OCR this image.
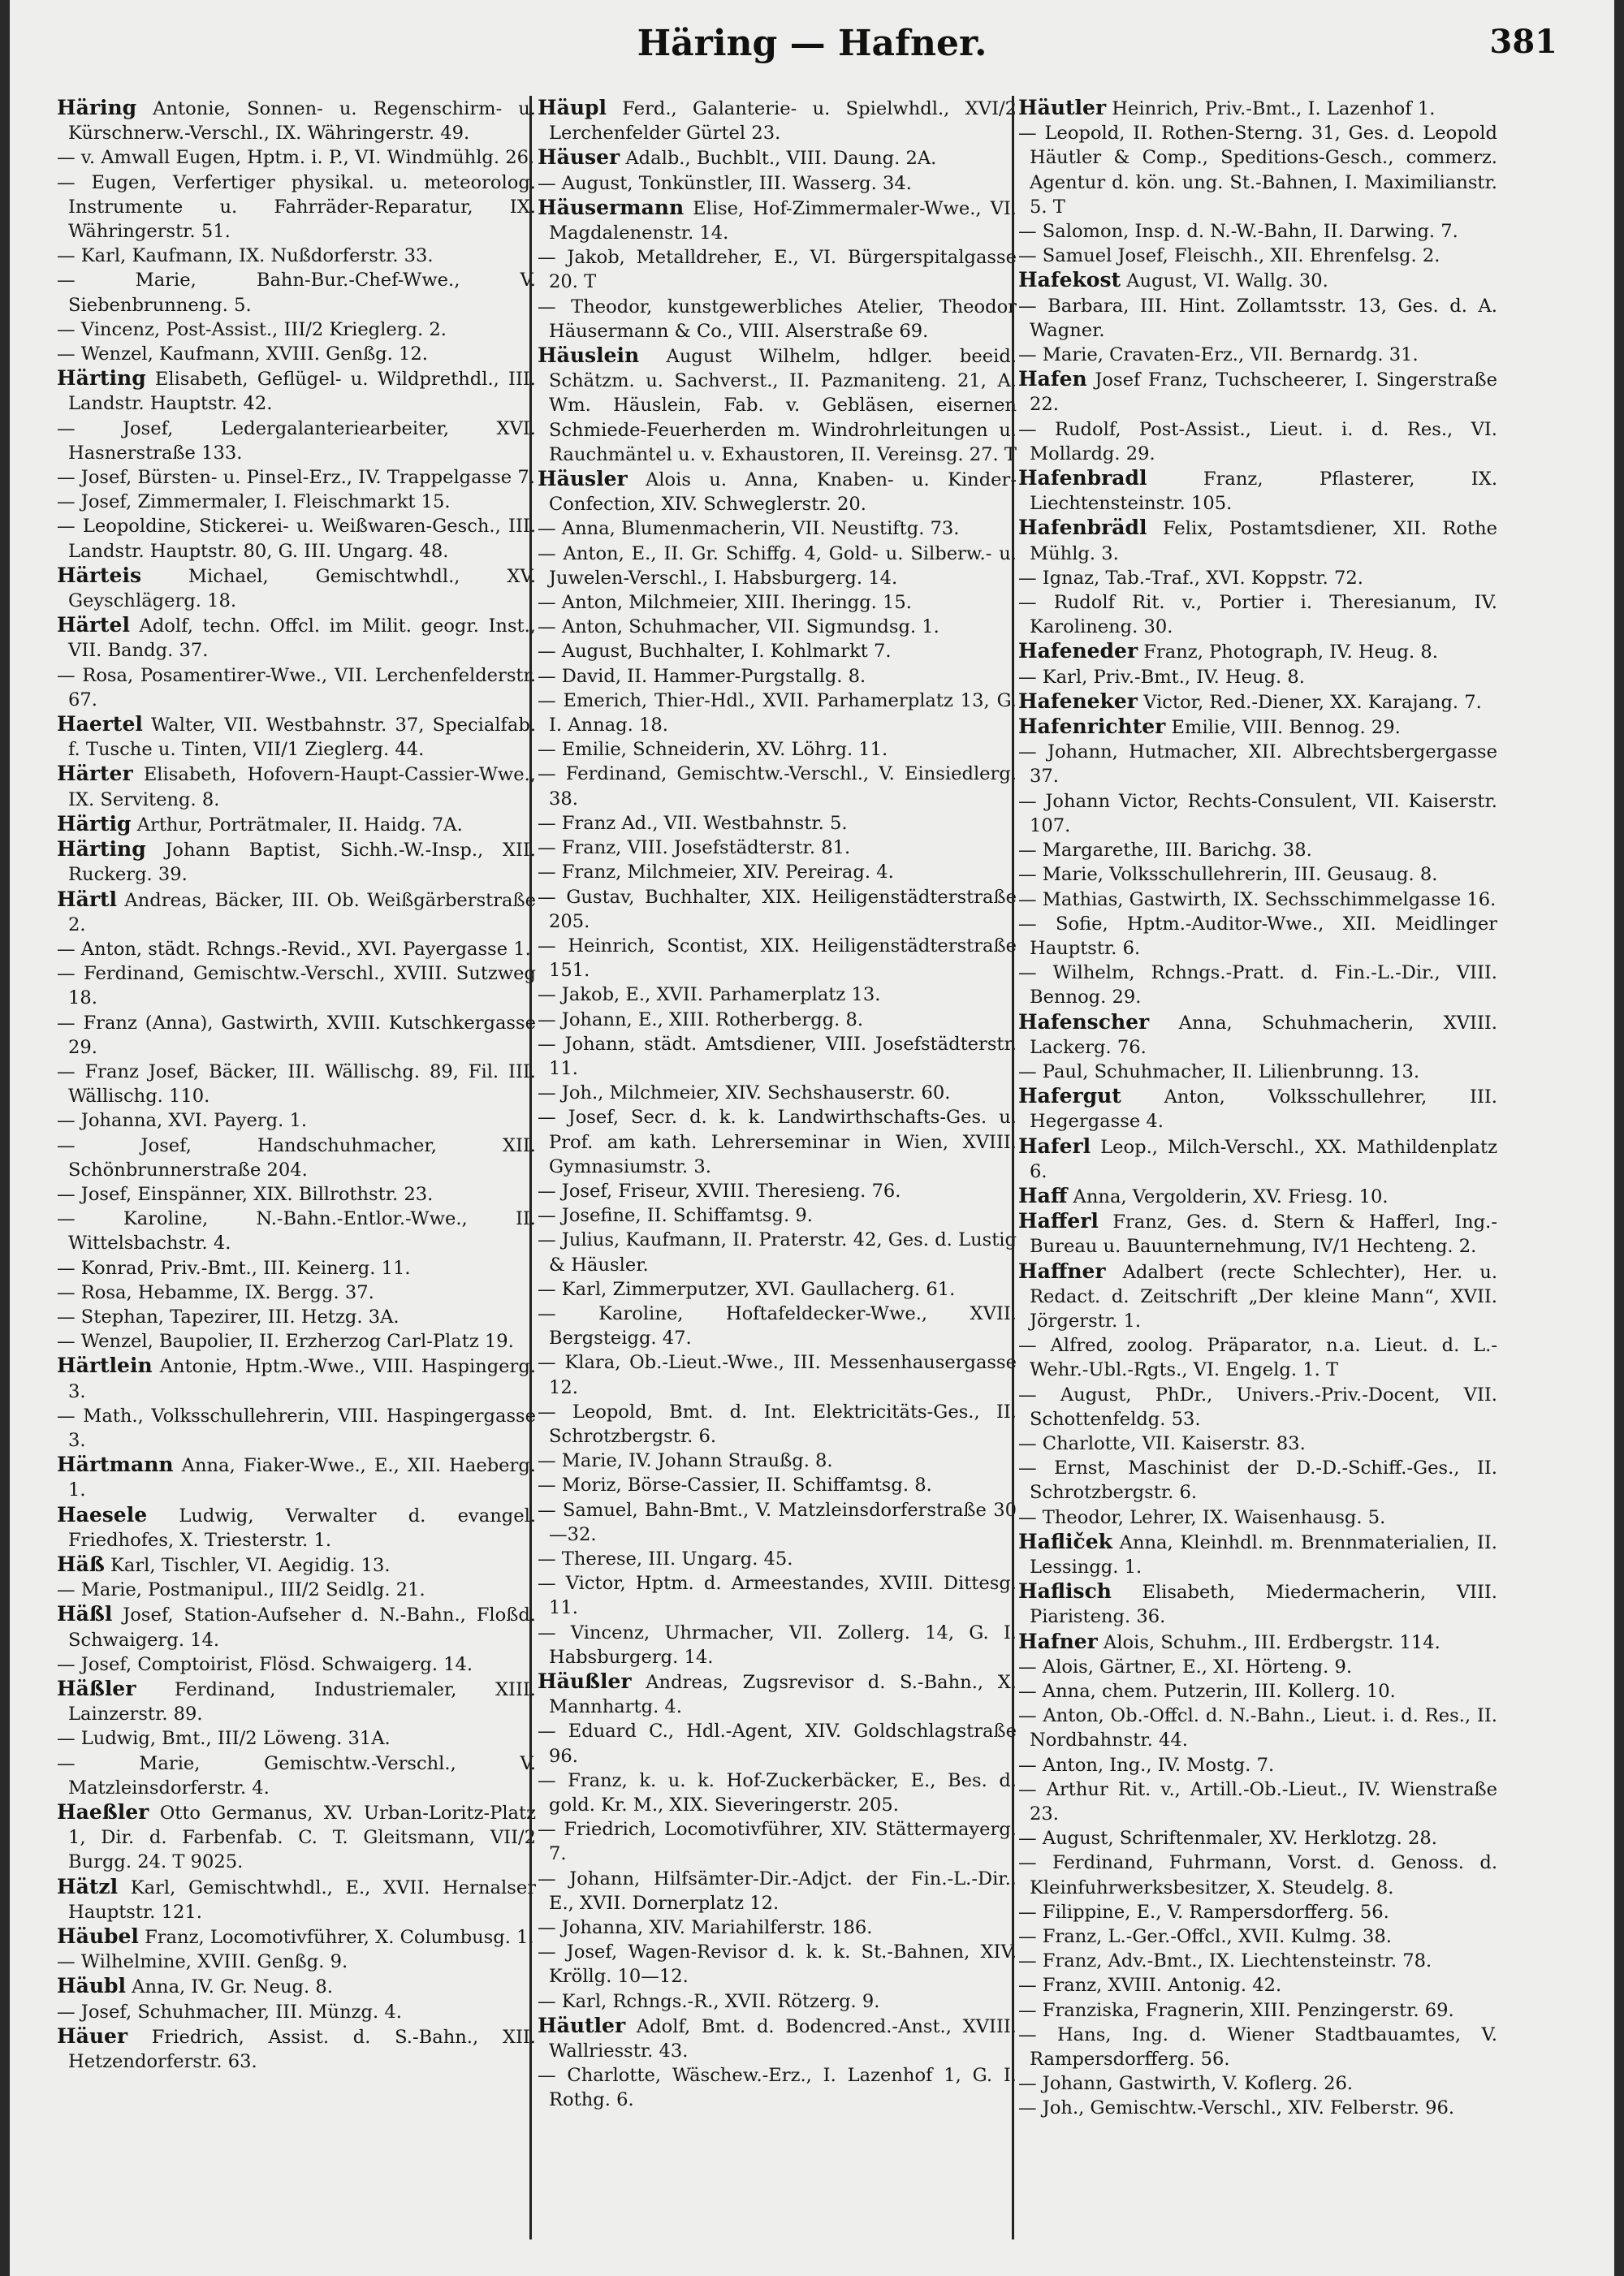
Häring — Hafner.	381

Häring Antonie, Sonnen- u. Regenschirm- u. Kürschnerw.-Verschl., IX. Währingerstr. 49.

— v. Amwall Eugen, Hptm. i. P., VI. Windmühlg. 26.

— Eugen, Verfertiger physikal. u. meteorolog. Instrumente u. Fahrräder-Reparatur, IX. Währingerstr. 51.

— Karl, Kaufmann, IX. Nußdorferstr. 33.

— Marie, Bahn-Bur.-Chef-Wwe., V. Siebenbrunneng. 5.

— Vincenz, Post-Assist., III/2 Krieglerg. 2.

— Wenzel, Kaufmann, XVIII. Genßg. 12.

Härting Elisabeth, Geflügel- u. Wildprethdl., III. Landstr. Hauptstr. 42.

— Josef, Ledergalanteriearbeiter, XVI. Hasnerstraße 133.

— Josef, Bürsten- u. Pinsel-Erz., IV. Trappelgasse 7.

— Josef, Zimmermaler, I. Fleischmarkt 15.

— Leopoldine, Stickerei- u. Weißwaren-Gesch., III. Landstr. Hauptstr. 80, G. III. Ungarg. 48.

Härteis Michael, Gemischtwhdl., XV. Geyschlägerg. 18.

Härtel Adolf, techn. Offcl. im Milit. geogr. Inst., VII. Bandg. 37.

— Rosa, Posamentirer-Wwe., VII. Lerchenfelderstr. 67.

Haertel Walter, VII. Westbahnstr. 37, Specialfab. f. Tusche u. Tinten, VII/1 Zieglerg. 44.

Härter Elisabeth, Hofovern-Haupt-Cassier-Wwe., IX. Serviteng. 8.

Härtig Arthur, Porträtmaler, II. Haidg. 7A.

Härting Johann Baptist, Sichh.-W.-Insp., XII. Ruckerg. 39.

Härtl Andreas, Bäcker, III. Ob. Weißgärberstraße 2.

— Anton, städt. Rchngs.-Revid., XVI. Payergasse 1.

— Ferdinand, Gemischtw.-Verschl., XVIII. Sutzweg 18.

— Franz (Anna), Gastwirth, XVIII. Kutschkergasse 29.

— Franz Josef, Bäcker, III. Wällischg. 89, Fil. III. Wällischg. 110.

— Johanna, XVI. Payerg. 1.

— Josef, Handschuhmacher, XII. Schönbrunnerstraße 204.

— Josef, Einspänner, XIX. Billrothstr. 23.

— Karoline, N.-Bahn.-Entlor.-Wwe., II. Wittelsbachstr. 4.

— Konrad, Priv.-Bmt., III. Keinerg. 11.

— Rosa, Hebamme, IX. Bergg. 37.

— Stephan, Tapezirer, III. Hetzg. 3A.

— Wenzel, Baupolier, II. Erzherzog Carl-Platz 19.

Härtlein Antonie, Hptm.-Wwe., VIII. Haspingerg. 3.

— Math., Volksschullehrerin, VIII. Haspingergasse 3.

Härtmann Anna, Fiaker-Wwe., E., XII. Haeberg. 1.

Haesele Ludwig, Verwalter d. evangel. Friedhofes, X. Triesterstr. 1.

Häß Karl, Tischler, VI. Aegidig. 13.

— Marie, Postmanipul., III/2 Seidlg. 21.

Häßl Josef, Station-Aufseher d. N.-Bahn., Floßd. Schwaigerg. 14.

— Josef, Comptoirist, Flösd. Schwaigerg. 14.

Häßler Ferdinand, Industriemaler, XIII. Lainzerstr. 89.

— Ludwig, Bmt., III/2 Löweng. 31A.

— Marie, Gemischtw.-Verschl., V. Matzleinsdorferstr. 4.

Haeßler Otto Germanus, XV. Urban-Loritz-Platz 1, Dir. d. Farbenfab. C. T. Gleitsmann, VII/2 Burgg. 24. T 9025.

Hätzl Karl, Gemischtwhdl., E., XVII. Hernalser Hauptstr. 121.

Häubel Franz, Locomotivführer, X. Columbusg. 1.

— Wilhelmine, XVIII. Genßg. 9.

Häubl Anna, IV. Gr. Neug. 8.

— Josef, Schuhmacher, III. Münzg. 4.

Häuer Friedrich, Assist. d. S.-Bahn., XII. Hetzendorferstr. 63.

Häupl Ferd., Galanterie- u. Spielwhdl., XVI/2 Lerchenfelder Gürtel 23.

Häuser Adalb., Buchblt., VIII. Daung. 2A.

— August, Tonkünstler, III. Wasserg. 34.

Häusermann Elise, Hof-Zimmermaler-Wwe., VI. Magdalenenstr. 14.

— Jakob, Metalldreher, E., VI. Bürgerspitalgasse 20. T

— Theodor, kunstgewerbliches Atelier, Theodor Häusermann & Co., VIII. Alserstraße 69.

Häuslein August Wilhelm, hdlger. beeid. Schätzm. u. Sachverst., II. Pazmaniteng. 21, A. Wm. Häuslein, Fab. v. Gebläsen, eisernen Schmiede-Feuerherden m. Windrohrleitungen u. Rauchmäntel u. v. Exhaustoren, II. Vereinsg. 27. T

Häusler Alois u. Anna, Knaben- u. Kinder-Confection, XIV. Schweglerstr. 20.

— Anna, Blumenmacherin, VII. Neustiftg. 73.

— Anton, E., II. Gr. Schiffg. 4, Gold- u. Silberw.- u. Juwelen-Verschl., I. Habsburgerg. 14.

— Anton, Milchmeier, XIII. Iheringg. 15.

— Anton, Schuhmacher, VII. Sigmundsg. 1.

— August, Buchhalter, I. Kohlmarkt 7.

— David, II. Hammer-Purgstallg. 8.

— Emerich, Thier-Hdl., XVII. Parhamerplatz 13, G. I. Annag. 18.

— Emilie, Schneiderin, XV. Löhrg. 11.

— Ferdinand, Gemischtw.-Verschl., V. Einsiedlerg. 38.

— Franz Ad., VII. Westbahnstr. 5.

— Franz, VIII. Josefstädterstr. 81.

— Franz, Milchmeier, XIV. Pereirag. 4.

— Gustav, Buchhalter, XIX. Heiligenstädterstraße 205.

— Heinrich, Scontist, XIX. Heiligenstädterstraße 151.

— Jakob, E., XVII. Parhamerplatz 13.

— Johann, E., XIII. Rotherbergg. 8.

— Johann, städt. Amtsdiener, VIII. Josefstädterstr. 11.

— Joh., Milchmeier, XIV. Sechshauserstr. 60.

— Josef, Secr. d. k. k. Landwirthschafts-Ges. u. Prof. am kath. Lehrerseminar in Wien, XVIII. Gymnasiumstr. 3.

— Josef, Friseur, XVIII. Theresieng. 76.

— Josefine, II. Schiffamtsg. 9.

— Julius, Kaufmann, II. Praterstr. 42, Ges. d. Lustig & Häusler.

— Karl, Zimmerputzer, XVI. Gaullacherg. 61.

— Karoline, Hoftafeldecker-Wwe., XVII. Bergsteigg. 47.

— Klara, Ob.-Lieut.-Wwe., III. Messenhausergasse 12.

— Leopold, Bmt. d. Int. Elektricitäts-Ges., II. Schrotzbergstr. 6.

— Marie, IV. Johann Straußg. 8.

— Moriz, Börse-Cassier, II. Schiffamtsg. 8.

— Samuel, Bahn-Bmt., V. Matzleinsdorferstraße 30—32.

— Therese, III. Ungarg. 45.

— Victor, Hptm. d. Armeestandes, XVIII. Dittesg. 11.

— Vincenz, Uhrmacher, VII. Zollerg. 14, G. I. Habsburgerg. 14.

Häußler Andreas, Zugsrevisor d. S.-Bahn., X. Mannhartg. 4.

— Eduard C., Hdl.-Agent, XIV. Goldschlagstraße 96.

— Franz, k. u. k. Hof-Zuckerbäcker, E., Bes. d. gold. Kr. M., XIX. Sieveringerstr. 205.

— Friedrich, Locomotivführer, XIV. Stättermayerg. 7.

— Johann, Hilfsämter-Dir.-Adjct. der Fin.-L.-Dir., E., XVII. Dornerplatz 12.

— Johanna, XIV. Mariahilferstr. 186.

— Josef, Wagen-Revisor d. k. k. St.-Bahnen, XIV. Kröllg. 10—12.

— Karl, Rchngs.-R., XVII. Rötzerg. 9.

Häutler Adolf, Bmt. d. Bodencred.-Anst., XVIII. Wallriesstr. 43.

— Charlotte, Wäschew.-Erz., I. Lazenhof 1, G. I. Rothg. 6.

Häutler Heinrich, Priv.-Bmt., I. Lazenhof 1.

— Leopold, II. Rothen-Sterng. 31, Ges. d. Leopold Häutler & Comp., Speditions-Gesch., commerz. Agentur d. kön. ung. St.-Bahnen, I. Maximilianstr. 5. T

— Salomon, Insp. d. N.-W.-Bahn, II. Darwing. 7.

— Samuel Josef, Fleischh., XII. Ehrenfelsg. 2.

Hafekost August, VI. Wallg. 30.

— Barbara, III. Hint. Zollamtsstr. 13, Ges. d. A. Wagner.

— Marie, Cravaten-Erz., VII. Bernardg. 31.

Hafen Josef Franz, Tuchscheerer, I. Singerstraße 22.

— Rudolf, Post-Assist., Lieut. i. d. Res., VI. Mollardg. 29.

Hafenbradl Franz, Pflasterer, IX. Liechtensteinstr. 105.

Hafenbrädl Felix, Postamtsdiener, XII. Rothe Mühlg. 3.

— Ignaz, Tab.-Traf., XVI. Koppstr. 72.

— Rudolf Rit. v., Portier i. Theresianum, IV. Karolineng. 30.

Hafeneder Franz, Photograph, IV. Heug. 8.

— Karl, Priv.-Bmt., IV. Heug. 8.

Hafeneker Victor, Red.-Diener, XX. Karajang. 7.

Hafenrichter Emilie, VIII. Bennog. 29.

— Johann, Hutmacher, XII. Albrechtsbergergasse 37.

— Johann Victor, Rechts-Consulent, VII. Kaiserstr. 107.

— Margarethe, III. Barichg. 38.

— Marie, Volksschullehrerin, III. Geusaug. 8.

— Mathias, Gastwirth, IX. Sechsschimmelgasse 16.

— Sofie, Hptm.-Auditor-Wwe., XII. Meidlinger Hauptstr. 6.

— Wilhelm, Rchngs.-Pratt. d. Fin.-L.-Dir., VIII. Bennog. 29.

Hafenscher Anna, Schuhmacherin, XVIII. Lackerg. 76.

— Paul, Schuhmacher, II. Lilienbrunng. 13.

Hafergut Anton, Volksschullehrer, III. Hegergasse 4.

Haferl Leop., Milch-Verschl., XX. Mathildenplatz 6.

Haff Anna, Vergolderin, XV. Friesg. 10.

Hafferl Franz, Ges. d. Stern & Hafferl, Ing.-Bureau u. Bauunternehmung, IV/1 Hechteng. 2.

Haffner Adalbert (recte Schlechter), Her. u. Redact. d. Zeitschrift „Der kleine Mann“, XVII. Jörgerstr. 1.

— Alfred, zoolog. Präparator, n.a. Lieut. d. L.-Wehr.-Ubl.-Rgts., VI. Engelg. 1. T

— August, PhDr., Univers.-Priv.-Docent, VII. Schottenfeldg. 53.

— Charlotte, VII. Kaiserstr. 83.

— Ernst, Maschinist der D.-D.-Schiff.-Ges., II. Schrotzbergstr. 6.

— Theodor, Lehrer, IX. Waisenhausg. 5.

Hafliček Anna, Kleinhdl. m. Brennmaterialien, II. Lessingg. 1.

Haflisch Elisabeth, Miedermacherin, VIII. Piaristeng. 36.

Hafner Alois, Schuhm., III. Erdbergstr. 114.

— Alois, Gärtner, E., XI. Hörteng. 9.

— Anna, chem. Putzerin, III. Kollerg. 10.

— Anton, Ob.-Offcl. d. N.-Bahn., Lieut. i. d. Res., II. Nordbahnstr. 44.

— Anton, Ing., IV. Mostg. 7.

— Arthur Rit. v., Artill.-Ob.-Lieut., IV. Wienstraße 23.

— August, Schriftenmaler, XV. Herklotzg. 28.

— Ferdinand, Fuhrmann, Vorst. d. Genoss. d. Kleinfuhrwerksbesitzer, X. Steudelg. 8.

— Filippine, E., V. Rampersdorfferg. 56.

— Franz, L.-Ger.-Offcl., XVII. Kulmg. 38.

— Franz, Adv.-Bmt., IX. Liechtensteinstr. 78.

— Franz, XVIII. Antonig. 42.

— Franziska, Fragnerin, XIII. Penzingerstr. 69.

— Hans, Ing. d. Wiener Stadtbauamtes, V. Rampersdorfferg. 56.

— Johann, Gastwirth, V. Koflerg. 26.

— Joh., Gemischtw.-Verschl., XIV. Felberstr. 96.
